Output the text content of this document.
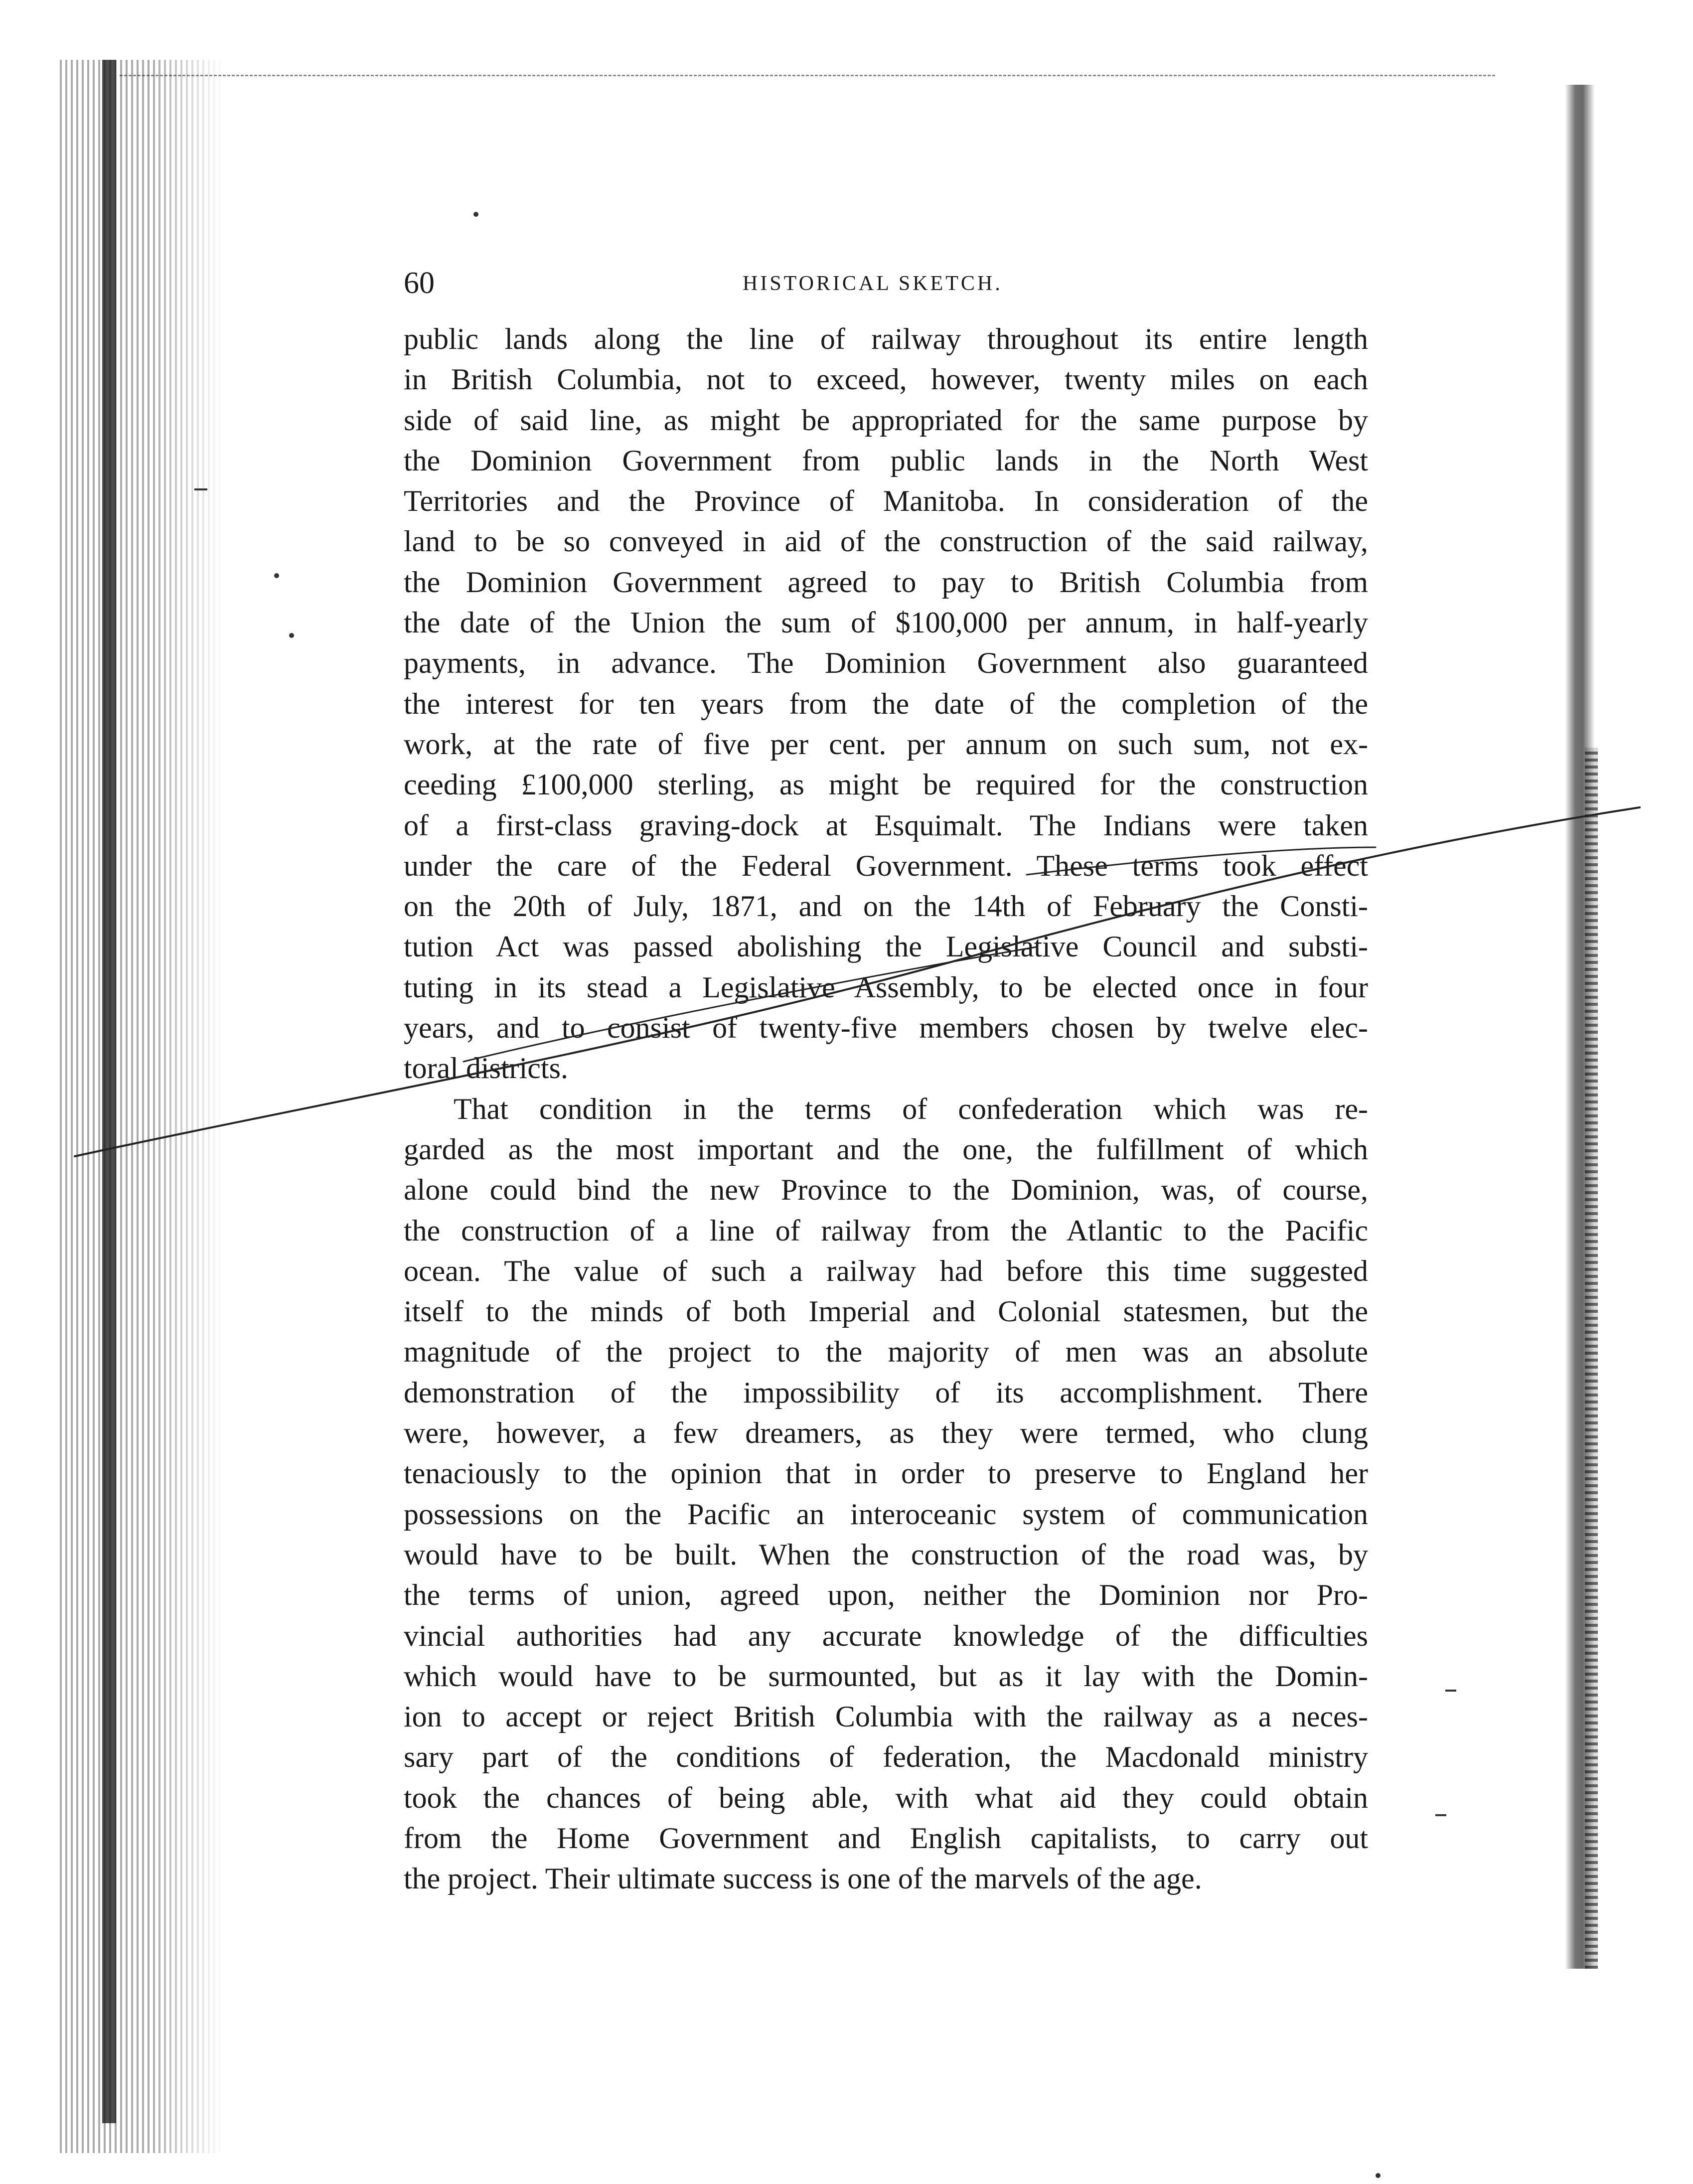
60	HISTORICAL SKETCH.
public lands along the line of railway throughout its entire length
in British Columbia, not to exceed, however, twenty miles on each
side of said line, as might be appropriated for the same purpose by
the Dominion Government from public lands in the North West
Territories and the Province of Manitoba. In consideration of the
land to be so conveyed in aid of the construction of the said railway,
the Dominion Government agreed to pay to British Columbia from
the date of the Union the sum of $100,000 per annum, in half-yearly
payments, in advance. The Dominion Government also guaranteed
the interest for ten years from the date of the completion of the
work, at the rate of five per cent. per annum on such sum, not ex-
ceeding £100,000 sterling, as might be required for the construction
of a first-class graving-dock at Esquimalt. The Indians were taken
under the care of the Federal Government. These terms took effect
on the 20th of July, 1871, and on the 14th of February the Consti-
tution Act was passed abolishing the Legislative Council and substi-
tuting in its stead a Legislative Assembly, to be elected once in four
years, and to consist of twenty-five members chosen by twelve elec-
toral districts.
That condition in the terms of confederation which was re-
garded as the most important and the one, the fulfillment of which
alone could bind the new Province to the Dominion, was, of course,
the construction of a line of railway from the Atlantic to the Pacific
ocean. The value of such a railway had before this time suggested
itself to the minds of both Imperial and Colonial statesmen, but the
magnitude of the project to the majority of men was an absolute
demonstration of the impossibility of its accomplishment. There
were, however, a few dreamers, as they were termed, who clung
tenaciously to the opinion that in order to preserve to England her
possessions on the Pacific an interoceanic system of communication
would have to be built. When the construction of the road was, by
the terms of union, agreed upon, neither the Dominion nor Pro-
vincial authorities had any accurate knowledge of the difficulties
which would have to be surmounted, but as it lay with the Domin-
ion to accept or reject British Columbia with the railway as a neces-
sary part of the conditions of federation, the Macdonald ministry
took the chances of being able, with what aid they could obtain
from the Home Government and English capitalists, to carry out
the project. Their ultimate success is one of the marvels of the age.
